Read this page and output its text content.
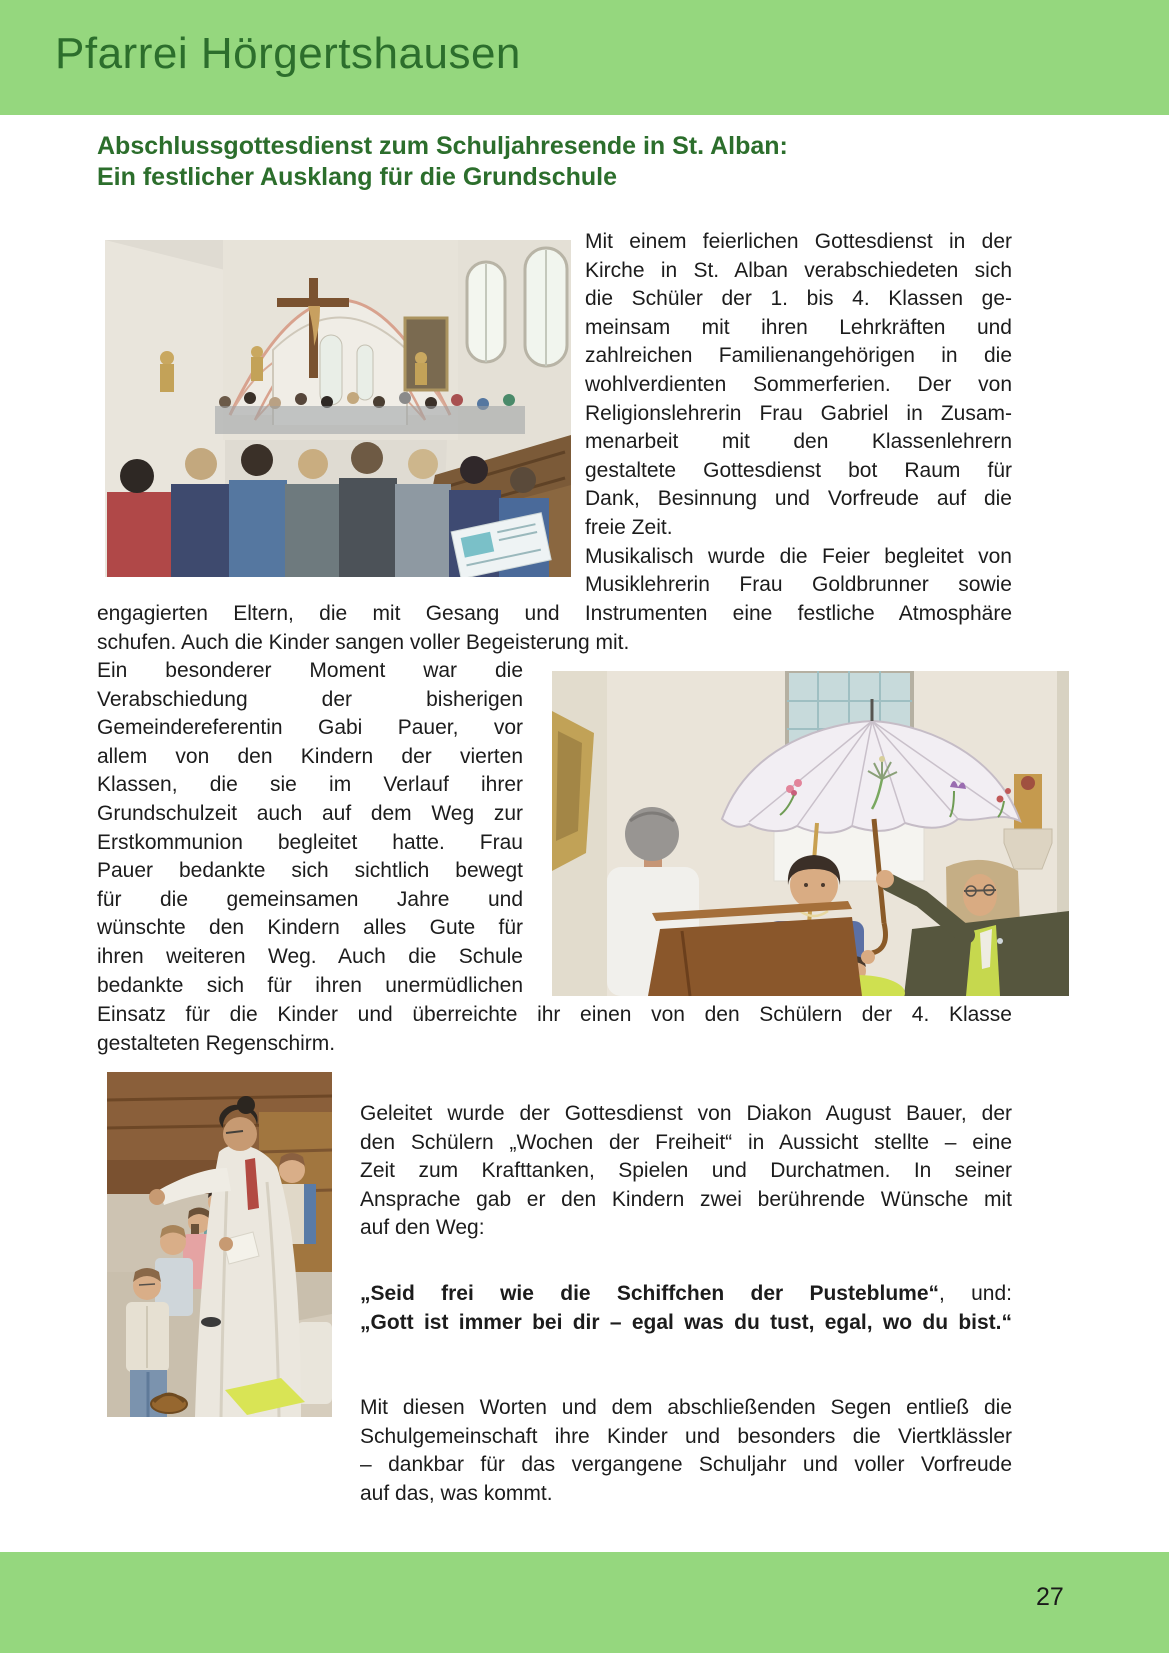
Pfarrei Hörgertshausen
Abschlussgottesdienst zum Schuljahresende in St. Alban:
Ein festlicher Ausklang für die Grundschule
Mit einem feierlichen Gottesdienst in der
Kirche in St. Alban verabschiedeten sich
die Schüler der 1. bis 4. Klassen ge-
meinsam mit ihren Lehrkräften und
zahlreichen Familienangehörigen in die
wohlverdienten Sommerferien. Der von
Religionslehrerin Frau Gabriel in Zusam-
menarbeit mit den Klassenlehrern
gestaltete Gottesdienst bot Raum für
Dank, Besinnung und Vorfreude auf die
freie Zeit.
Musikalisch wurde die Feier begleitet von
Musiklehrerin Frau Goldbrunner sowie
engagierten Eltern, die mit Gesang und Instrumenten eine festliche Atmosphäre
schufen. Auch die Kinder sangen voller Begeisterung mit.
Ein besonderer Moment war die
Verabschiedung der bisherigen
Gemeindereferentin Gabi Pauer, vor
allem von den Kindern der vierten
Klassen, die sie im Verlauf ihrer
Grundschulzeit auch auf dem Weg zur
Erstkommunion begleitet hatte. Frau
Pauer bedankte sich sichtlich bewegt
für die gemeinsamen Jahre und
wünschte den Kindern alles Gute für
ihren weiteren Weg. Auch die Schule
bedankte sich für ihren unermüdlichen
Einsatz für die Kinder und überreichte ihr einen von den Schülern der 4. Klasse
gestalteten Regenschirm.
Geleitet wurde der Gottesdienst von Diakon August Bauer, der
den Schülern „Wochen der Freiheit“ in Aussicht stellte – eine
Zeit zum Krafttanken, Spielen und Durchatmen. In seiner
Ansprache gab er den Kindern zwei berührende Wünsche mit
auf den Weg:
„Seid frei wie die Schiffchen der Pusteblume“, und:
„Gott ist immer bei dir – egal was du tust, egal, wo du bist.“
Mit diesen Worten und dem abschließenden Segen entließ die
Schulgemeinschaft ihre Kinder und besonders die Viertklässler
– dankbar für das vergangene Schuljahr und voller Vorfreude
auf das, was kommt.
27
